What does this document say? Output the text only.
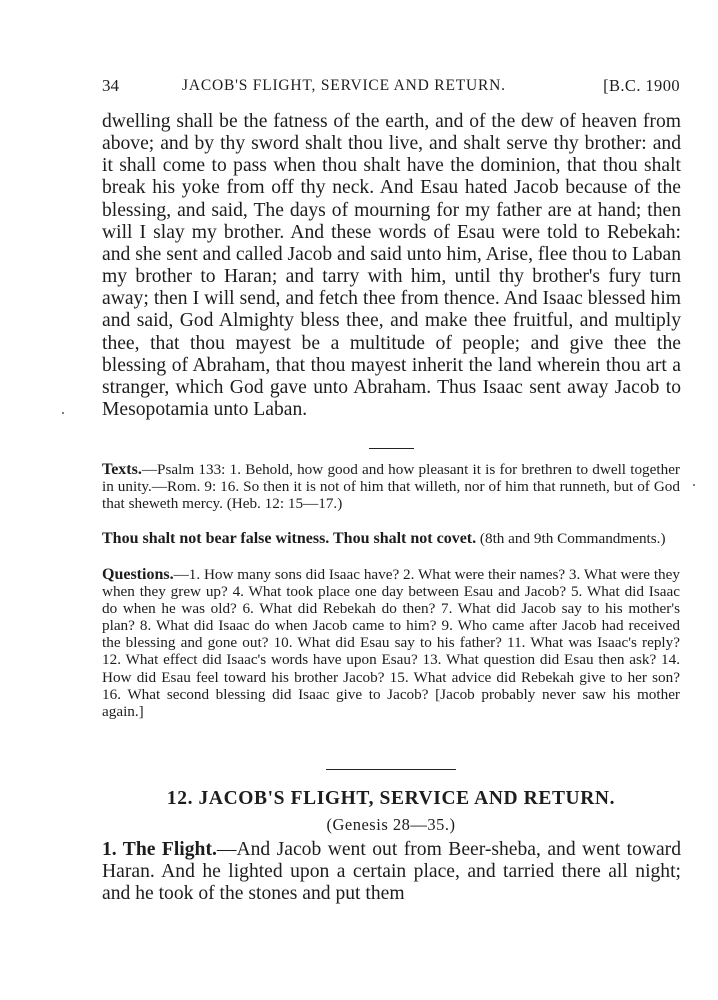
34	JACOB'S FLIGHT, SERVICE AND RETURN.	[B.C. 1900

dwelling shall be the fatness of the earth, and of the dew of heaven from above; and by thy sword shalt thou live, and shalt serve thy brother: and it shall come to pass when thou shalt have the dominion, that thou shalt break his yoke from off thy neck. And Esau hated Jacob because of the blessing, and said, The days of mourning for my father are at hand; then will I slay my brother. And these words of Esau were told to Rebekah: and she sent and called Jacob and said unto him, Arise, flee thou to Laban my brother to Haran; and tarry with him, until thy brother's fury turn away; then I will send, and fetch thee from thence. And Isaac blessed him and said, God Almighty bless thee, and make thee fruitful, and multiply thee, that thou mayest be a multitude of people; and give thee the blessing of Abraham, that thou mayest inherit the land wherein thou art a stranger, which God gave unto Abraham. Thus Isaac sent away Jacob to Mesopotamia unto Laban.

Texts.—Psalm 133: 1. Behold, how good and how pleasant it is for brethren to dwell together in unity.—Rom. 9: 16. So then it is not of him that willeth, nor of him that runneth, but of God that sheweth mercy. (Heb. 12: 15—17.)

Thou shalt not bear false witness. Thou shalt not covet. (8th and 9th Commandments.)

Questions.—1. How many sons did Isaac have? 2. What were their names? 3. What were they when they grew up? 4. What took place one day between Esau and Jacob? 5. What did Isaac do when he was old? 6. What did Rebekah do then? 7. What did Jacob say to his mother's plan? 8. What did Isaac do when Jacob came to him? 9. Who came after Jacob had received the blessing and gone out? 10. What did Esau say to his father? 11. What was Isaac's reply? 12. What effect did Isaac's words have upon Esau? 13. What question did Esau then ask? 14. How did Esau feel toward his brother Jacob? 15. What advice did Rebekah give to her son? 16. What second blessing did Isaac give to Jacob? [Jacob probably never saw his mother again.]

12. JACOB'S FLIGHT, SERVICE AND RETURN.

(Genesis 28—35.)

1. The Flight.—And Jacob went out from Beer-sheba, and went toward Haran. And he lighted upon a certain place, and tarried there all night; and he took of the stones and put them
